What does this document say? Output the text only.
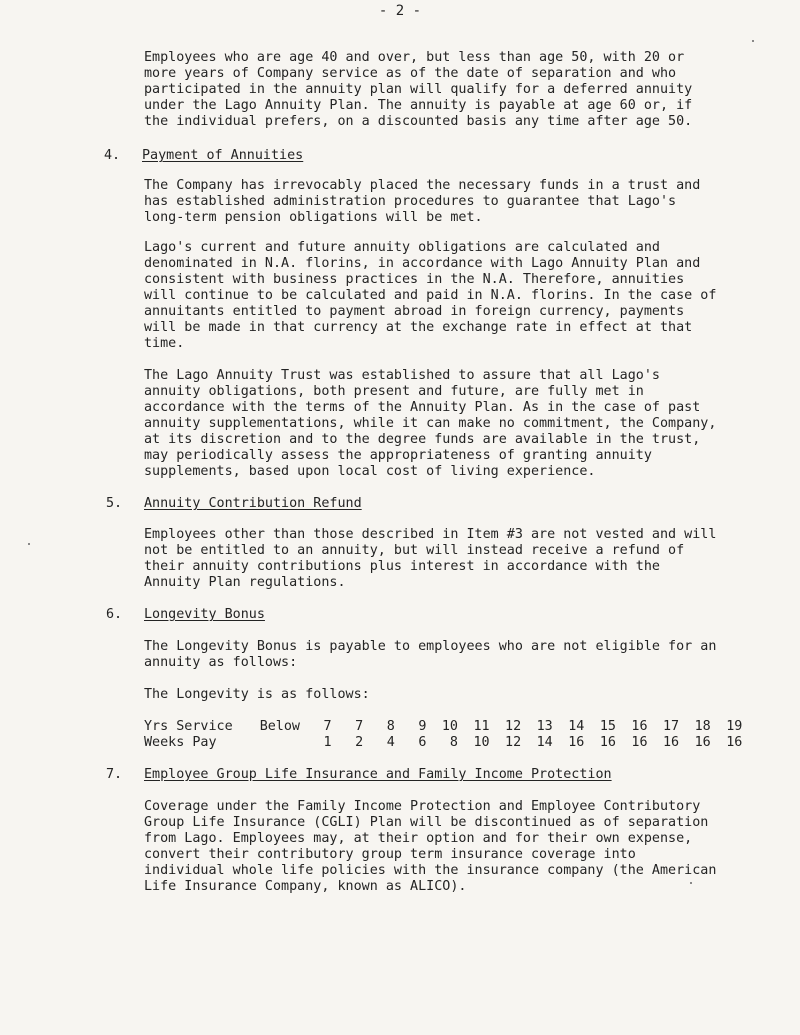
- 2 -

Employees who are age 40 and over, but less than age 50, with 20 or more years of Company service as of the date of separation and who participated in the annuity plan will qualify for a deferred annuity under the Lago Annuity Plan. The annuity is payable at age 60 or, if the individual prefers, on a discounted basis any time after age 50.

4. Payment of Annuities

The Company has irrevocably placed the necessary funds in a trust and has established administration procedures to guarantee that Lago's long-term pension obligations will be met.

Lago's current and future annuity obligations are calculated and denominated in N.A. florins, in accordance with Lago Annuity Plan and consistent with business practices in the N.A. Therefore, annuities will continue to be calculated and paid in N.A. florins. In the case of annuitants entitled to payment abroad in foreign currency, payments will be made in that currency at the exchange rate in effect at that time.

The Lago Annuity Trust was established to assure that all Lago's annuity obligations, both present and future, are fully met in accordance with the terms of the Annuity Plan. As in the case of past annuity supplementations, while it can make no commitment, the Company, at its discretion and to the degree funds are available in the trust, may periodically assess the appropriateness of granting annuity supplements, based upon local cost of living experience.

5. Annuity Contribution Refund

Employees other than those described in Item #3 are not vested and will not be entitled to an annuity, but will instead receive a refund of their annuity contributions plus interest in accordance with the Annuity Plan regulations.

6. Longevity Bonus

The Longevity Bonus is payable to employees who are not eligible for an annuity as follows:

The Longevity is as follows:

Yrs Service	Below	7	7	8	9	10	11	12	13	14	15	16	17	18	19
Weeks Pay		1	2	4	6	8	10	12	14	16	16	16	16	16	16
7. Employee Group Life Insurance and Family Income Protection

Coverage under the Family Income Protection and Employee Contributory Group Life Insurance (CGLI) Plan will be discontinued as of separation from Lago. Employees may, at their option and for their own expense, convert their contributory group term insurance coverage into individual whole life policies with the insurance company (the American Life Insurance Company, known as ALICO).
